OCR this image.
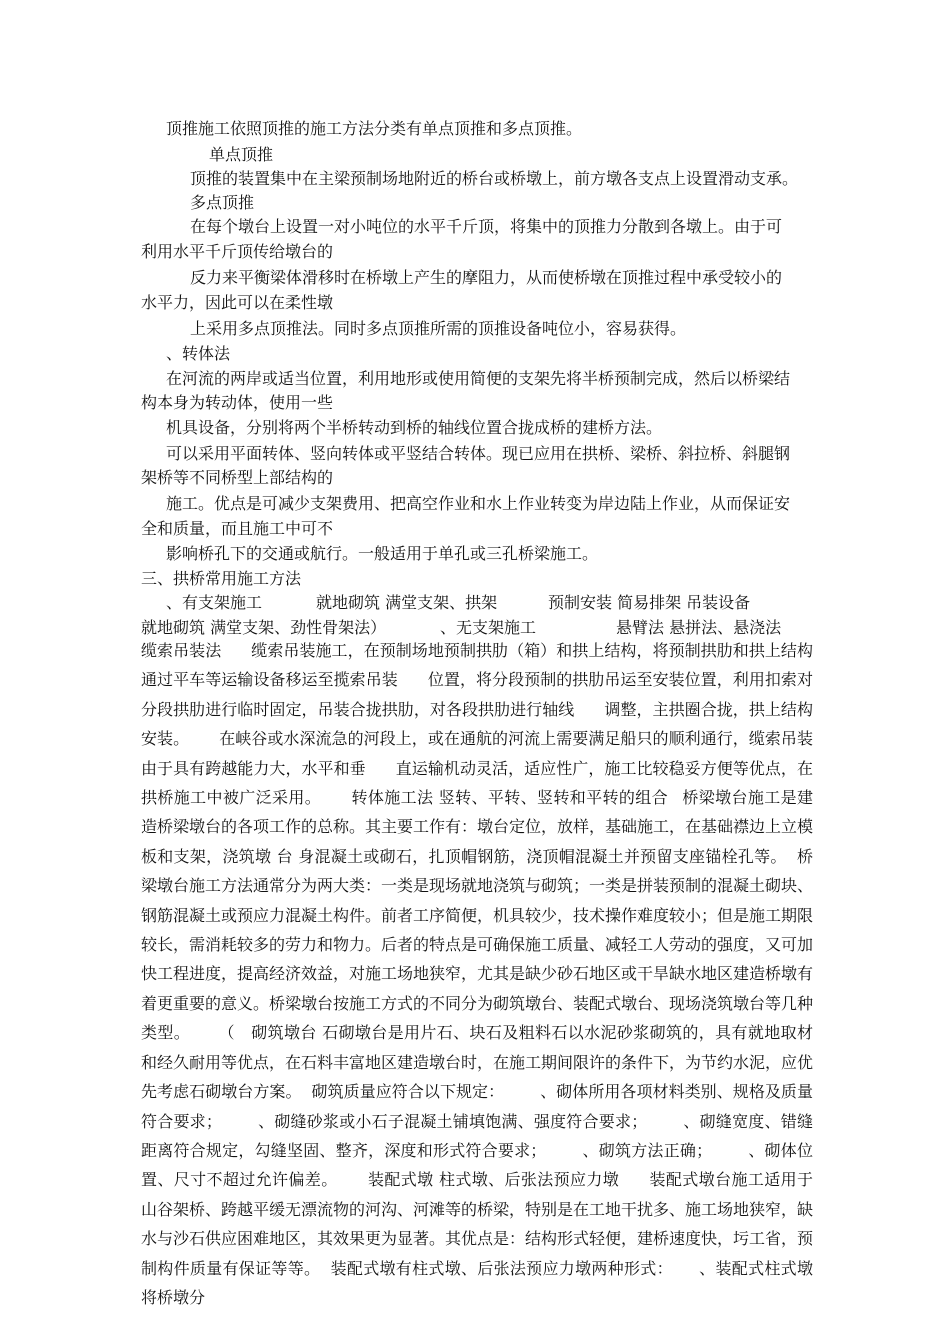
顶推施工依照顶推的施工方法分类有单点顶推和多点顶推。
单点顶推
顶推的装置集中在主梁预制场地附近的桥台或桥墩上，前方墩各支点上设置滑动支承。
多点顶推
在每个墩台上设置一对小吨位的水平千斤顶，将集中的顶推力分散到各墩上。由于可
利用水平千斤顶传给墩台的
反力来平衡梁体滑移时在桥墩上产生的摩阻力，从而使桥墩在顶推过程中承受较小的
水平力，因此可以在柔性墩
上采用多点顶推法。同时多点顶推所需的顶推设备吨位小，容易获得。
、转体法
在河流的两岸或适当位置，利用地形或使用简便的支架先将半桥预制完成，然后以桥梁结
构本身为转动体，使用一些
机具设备，分别将两个半桥转动到桥的轴线位置合拢成桥的建桥方法。
可以采用平面转体、竖向转体或平竖结合转体。现已应用在拱桥、梁桥、斜拉桥、斜腿钢
架桥等不同桥型上部结构的
施工。优点是可减少支架费用、把高空作业和水上作业转变为岸边陆上作业，从而保证安
全和质量，而且施工中可不
影响桥孔下的交通或航行。一般适用于单孔或三孔桥梁施工。
三、拱桥常用施工方法
、有支架施工	就地砌筑 满堂支架、拱架	预制安装 简易排架 吊装设备
就地砌筑 满堂支架、劲性骨架法）	、无支架施工	悬臂法 悬拼法、悬浇法
缆索吊装法 缆索吊装施工，在预制场地预制拱肋（箱）和拱上结构，将预制拱肋和拱上结构通过平车等运输设备移运至揽索吊装 位置，将分段预制的拱肋吊运至安装位置，利用扣索对分段拱肋进行临时固定，吊装合拢拱肋，对各段拱肋进行轴线 调整，主拱圈合拢，拱上结构安装。 在峡谷或水深流急的河段上，或在通航的河流上需要满足船只的顺利通行，缆索吊装由于具有跨越能力大，水平和垂 直运输机动灵活，适应性广，施工比较稳妥方便等优点，在拱桥施工中被广泛采用。 转体施工法 竖转、平转、竖转和平转的组合 桥梁墩台施工是建造桥梁墩台的各项工作的总称。其主要工作有：墩台定位，放样，基础施工，在基础襟边上立模板和支架，浇筑墩 台 身混凝土或砌石，扎顶帽钢筋，浇顶帽混凝土并预留支座锚栓孔等。 桥梁墩台施工方法通常分为两大类：一类是现场就地浇筑与砌筑；一类是拼装预制的混凝土砌块、钢筋混凝土或预应力混凝土构件。前者工序简便，机具较少，技术操作难度较小；但是施工期限较长，需消耗较多的劳力和物力。后者的特点是可确保施工质量、减轻工人劳动的强度，又可加快工程进度，提高经济效益，对施工场地狭窄，尤其是缺少砂石地区或干旱缺水地区建造桥墩有着更重要的意义。桥梁墩台按施工方式的不同分为砌筑墩台、装配式墩台、现场浇筑墩台等几种类型。 （ 砌筑墩台 石砌墩台是用片石、块石及粗料石以水泥砂浆砌筑的，具有就地取材和经久耐用等优点，在石料丰富地区建造墩台时，在施工期间限许的条件下，为节约水泥，应优先考虑石砌墩台方案。 砌筑质量应符合以下规定： 、砌体所用各项材料类别、规格及质量符合要求； 、砌缝砂浆或小石子混凝土铺填饱满、强度符合要求； 、砌缝宽度、错缝距离符合规定，勾缝坚固、整齐，深度和形式符合要求； 、砌筑方法正确； 、砌体位置、尺寸不超过允许偏差。 装配式墩 柱式墩、后张法预应力墩 装配式墩台施工适用于山谷架桥、跨越平缓无漂流物的河沟、河滩等的桥梁，特别是在工地干扰多、施工场地狭窄，缺 水与沙石供应困难地区，其效果更为显著。其优点是：结构形式轻便，建桥速度快，圬工省，预制构件质量有保证等等。 装配式墩有柱式墩、后张法预应力墩两种形式： 、装配式柱式墩 将桥墩分
